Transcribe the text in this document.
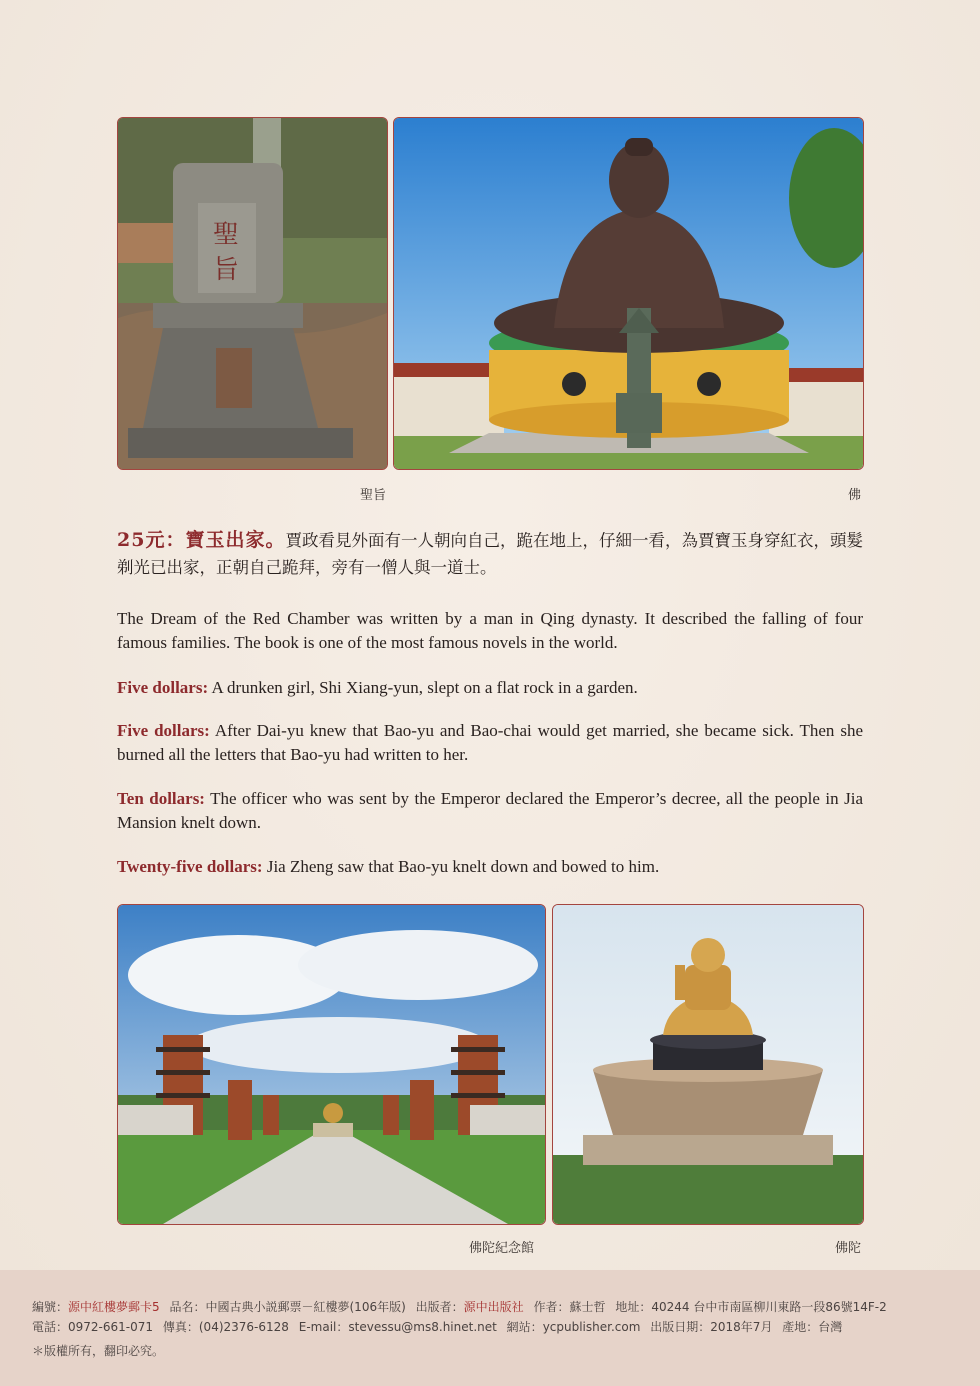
聖
旨
聖旨	佛
25元：寶玉出家。賈政看見外面有一人朝向自己，跪在地上，仔細一看，為賈寶玉身穿紅衣，頭髮剃光已出家，正朝自己跪拜，旁有一僧人與一道士。
The Dream of the Red Chamber was written by a man in Qing dynasty. It described the falling of four famous families. The book is one of the most famous novels in the world.
Five dollars: A drunken girl, Shi Xiang-yun, slept on a flat rock in a garden.
Five dollars: After Dai-yu knew that Bao-yu and Bao-chai would get married, she became sick. Then she burned all the letters that Bao-yu had written to her.
Ten dollars: The officer who was sent by the Emperor declared the Emperor’s decree, all the people in Jia Mansion knelt down.
Twenty-five dollars: Jia Zheng saw that Bao-yu knelt down and bowed to him.
佛陀紀念館	佛陀
編號：源中紅樓夢郵卡5 品名：中國古典小説郵票－紅樓夢(106年版) 出版者：源中出版社 作者：蘇士哲 地址：40244 台中市南區柳川東路一段86號14F-2
電話：0972-661-071 傳真：(04)2376-6128 E-mail：stevessu@ms8.hinet.net 網站：ycpublisher.com 出版日期：2018年7月 產地：台灣
＊版權所有，翻印必究。
